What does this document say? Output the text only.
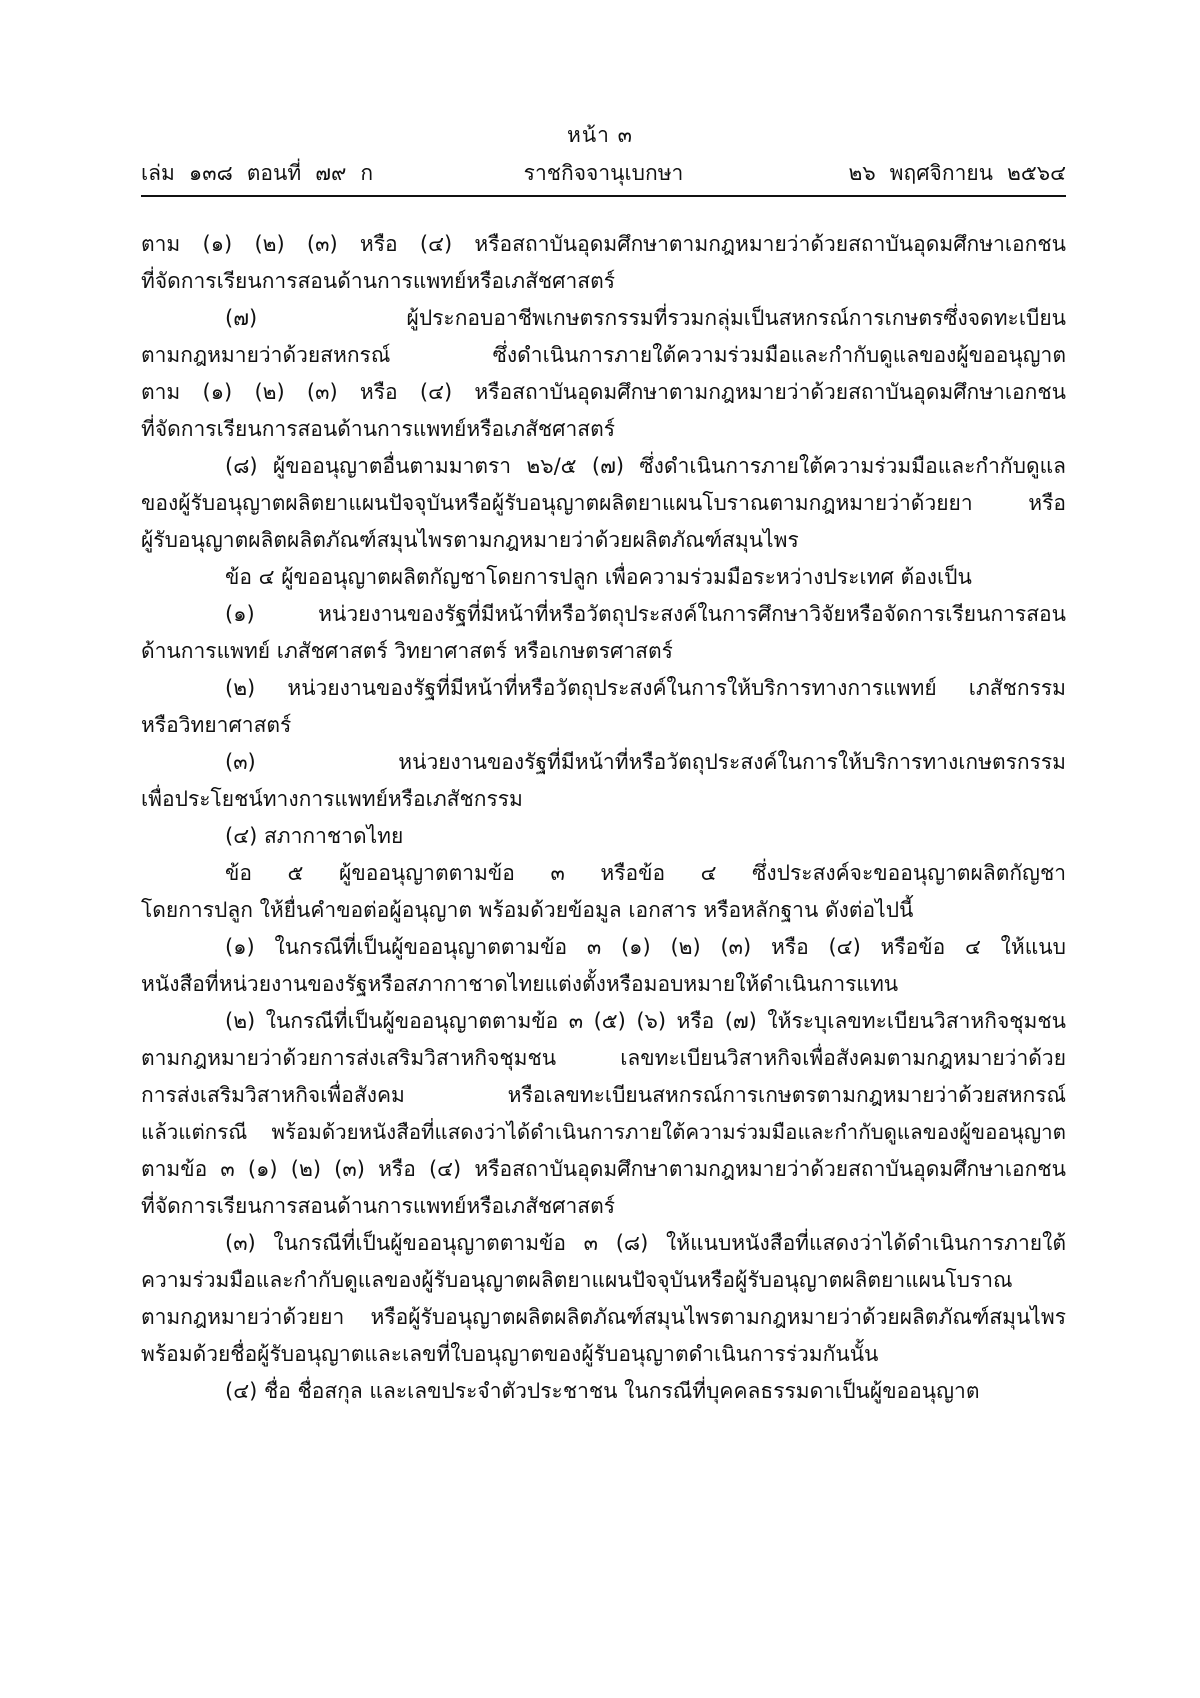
หน้า ๓
เล่ม ๑๓๘ ตอนที่ ๗๙ ก	ราชกิจจานุเบกษา	๒๖ พฤศจิกายน ๒๕๖๔
ตาม (๑) (๒) (๓) หรือ (๔) หรือสถาบันอุดมศึกษาตามกฎหมายว่าด้วยสถาบันอุดมศึกษาเอกชน
ที่จัดการเรียนการสอนด้านการแพทย์หรือเภสัชศาสตร์
(๗) ผู้ประกอบอาชีพเกษตรกรรมที่รวมกลุ่มเป็นสหกรณ์การเกษตรซึ่งจดทะเบียน
ตามกฎหมายว่าด้วยสหกรณ์ ซึ่งดำเนินการภายใต้ความร่วมมือและกำกับดูแลของผู้ขออนุญาต
ตาม (๑) (๒) (๓) หรือ (๔) หรือสถาบันอุดมศึกษาตามกฎหมายว่าด้วยสถาบันอุดมศึกษาเอกชน
ที่จัดการเรียนการสอนด้านการแพทย์หรือเภสัชศาสตร์
(๘) ผู้ขออนุญาตอื่นตามมาตรา ๒๖/๕ (๗) ซึ่งดำเนินการภายใต้ความร่วมมือและกำกับดูแล
ของผู้รับอนุญาตผลิตยาแผนปัจจุบันหรือผู้รับอนุญาตผลิตยาแผนโบราณตามกฎหมายว่าด้วยยา หรือ
ผู้รับอนุญาตผลิตผลิตภัณฑ์สมุนไพรตามกฎหมายว่าด้วยผลิตภัณฑ์สมุนไพร
ข้อ ๔ ผู้ขออนุญาตผลิตกัญชาโดยการปลูก เพื่อความร่วมมือระหว่างประเทศ ต้องเป็น
(๑) หน่วยงานของรัฐที่มีหน้าที่หรือวัตถุประสงค์ในการศึกษาวิจัยหรือจัดการเรียนการสอน
ด้านการแพทย์ เภสัชศาสตร์ วิทยาศาสตร์ หรือเกษตรศาสตร์
(๒) หน่วยงานของรัฐที่มีหน้าที่หรือวัตถุประสงค์ในการให้บริการทางการแพทย์ เภสัชกรรม
หรือวิทยาศาสตร์
(๓) หน่วยงานของรัฐที่มีหน้าที่หรือวัตถุประสงค์ในการให้บริการทางเกษตรกรรม
เพื่อประโยชน์ทางการแพทย์หรือเภสัชกรรม
(๔) สภากาชาดไทย
ข้อ ๕ ผู้ขออนุญาตตามข้อ ๓ หรือข้อ ๔ ซึ่งประสงค์จะขออนุญาตผลิตกัญชา
โดยการปลูก ให้ยื่นคำขอต่อผู้อนุญาต พร้อมด้วยข้อมูล เอกสาร หรือหลักฐาน ดังต่อไปนี้
(๑) ในกรณีที่เป็นผู้ขออนุญาตตามข้อ ๓ (๑) (๒) (๓) หรือ (๔) หรือข้อ ๔ ให้แนบ
หนังสือที่หน่วยงานของรัฐหรือสภากาชาดไทยแต่งตั้งหรือมอบหมายให้ดำเนินการแทน
(๒) ในกรณีที่เป็นผู้ขออนุญาตตามข้อ ๓ (๕) (๖) หรือ (๗) ให้ระบุเลขทะเบียนวิสาหกิจชุมชน
ตามกฎหมายว่าด้วยการส่งเสริมวิสาหกิจชุมชน เลขทะเบียนวิสาหกิจเพื่อสังคมตามกฎหมายว่าด้วย
การส่งเสริมวิสาหกิจเพื่อสังคม หรือเลขทะเบียนสหกรณ์การเกษตรตามกฎหมายว่าด้วยสหกรณ์
แล้วแต่กรณี พร้อมด้วยหนังสือที่แสดงว่าได้ดำเนินการภายใต้ความร่วมมือและกำกับดูแลของผู้ขออนุญาต
ตามข้อ ๓ (๑) (๒) (๓) หรือ (๔) หรือสถาบันอุดมศึกษาตามกฎหมายว่าด้วยสถาบันอุดมศึกษาเอกชน
ที่จัดการเรียนการสอนด้านการแพทย์หรือเภสัชศาสตร์
(๓) ในกรณีที่เป็นผู้ขออนุญาตตามข้อ ๓ (๘) ให้แนบหนังสือที่แสดงว่าได้ดำเนินการภายใต้
ความร่วมมือและกำกับดูแลของผู้รับอนุญาตผลิตยาแผนปัจจุบันหรือผู้รับอนุญาตผลิตยาแผนโบราณ
ตามกฎหมายว่าด้วยยา หรือผู้รับอนุญาตผลิตผลิตภัณฑ์สมุนไพรตามกฎหมายว่าด้วยผลิตภัณฑ์สมุนไพร
พร้อมด้วยชื่อผู้รับอนุญาตและเลขที่ใบอนุญาตของผู้รับอนุญาตดำเนินการร่วมกันนั้น
(๔) ชื่อ ชื่อสกุล และเลขประจำตัวประชาชน ในกรณีที่บุคคลธรรมดาเป็นผู้ขออนุญาต
